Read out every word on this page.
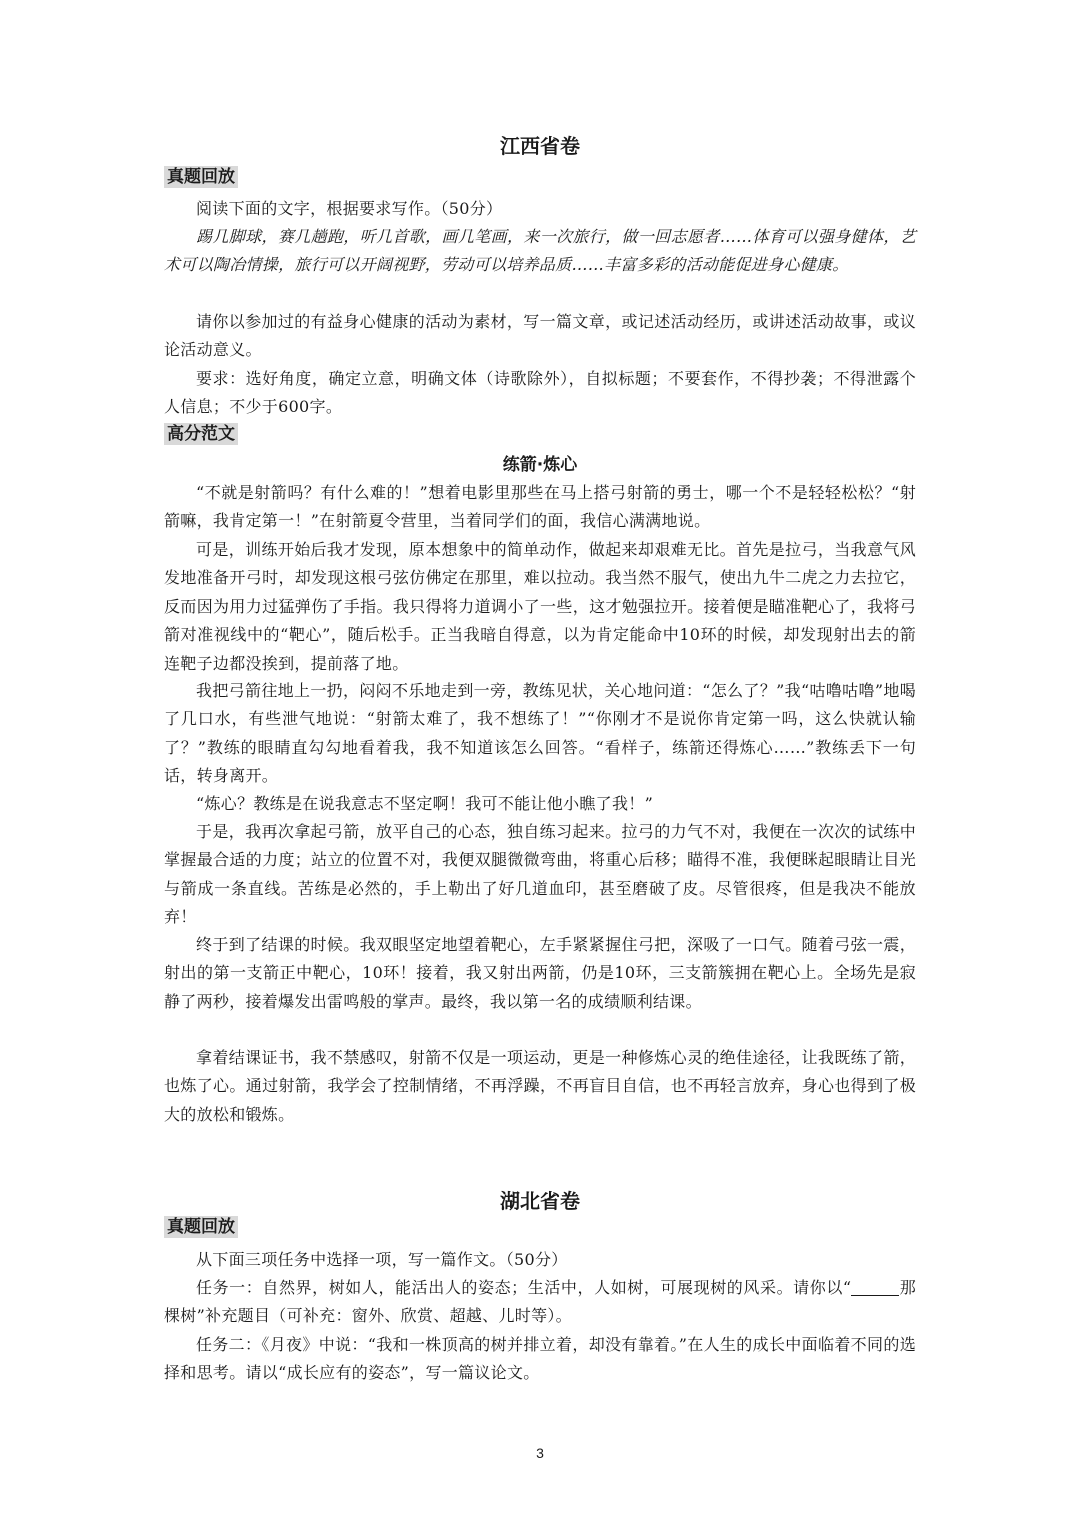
江西省卷

真题回放

阅读下面的文字，根据要求写作。（50分）

踢几脚球，赛几趟跑，听几首歌，画几笔画，来一次旅行，做一回志愿者……体育可以强身健体，艺术可以陶冶情操，旅行可以开阔视野，劳动可以培养品质……丰富多彩的活动能促进身心健康。

请你以参加过的有益身心健康的活动为素材，写一篇文章，或记述活动经历，或讲述活动故事，或议论活动意义。

要求：选好角度，确定立意，明确文体（诗歌除外），自拟标题；不要套作，不得抄袭；不得泄露个人信息；不少于600字。

高分范文

练箭·炼心

“不就是射箭吗？有什么难的！”想着电影里那些在马上搭弓射箭的勇士，哪一个不是轻轻松松？“射箭嘛，我肯定第一！”在射箭夏令营里，当着同学们的面，我信心满满地说。

可是，训练开始后我才发现，原本想象中的简单动作，做起来却艰难无比。首先是拉弓，当我意气风发地准备开弓时，却发现这根弓弦仿佛定在那里，难以拉动。我当然不服气，使出九牛二虎之力去拉它，反而因为用力过猛弹伤了手指。我只得将力道调小了一些，这才勉强拉开。接着便是瞄准靶心了，我将弓箭对准视线中的“靶心”，随后松手。正当我暗自得意，以为肯定能命中10环的时候，却发现射出去的箭连靶子边都没挨到，提前落了地。

我把弓箭往地上一扔，闷闷不乐地走到一旁，教练见状，关心地问道：“怎么了？”我“咕噜咕噜”地喝了几口水，有些泄气地说：“射箭太难了，我不想练了！”“你刚才不是说你肯定第一吗，这么快就认输了？”教练的眼睛直勾勾地看着我，我不知道该怎么回答。“看样子，练箭还得炼心……”教练丢下一句话，转身离开。

“炼心？教练是在说我意志不坚定啊！我可不能让他小瞧了我！”

于是，我再次拿起弓箭，放平自己的心态，独自练习起来。拉弓的力气不对，我便在一次次的试练中掌握最合适的力度；站立的位置不对，我便双腿微微弯曲，将重心后移；瞄得不准，我便眯起眼睛让目光与箭成一条直线。苦练是必然的，手上勒出了好几道血印，甚至磨破了皮。尽管很疼，但是我决不能放弃！

终于到了结课的时候。我双眼坚定地望着靶心，左手紧紧握住弓把，深吸了一口气。随着弓弦一震，射出的第一支箭正中靶心，10环！接着，我又射出两箭，仍是10环，三支箭簇拥在靶心上。全场先是寂静了两秒，接着爆发出雷鸣般的掌声。最终，我以第一名的成绩顺利结课。

拿着结课证书，我不禁感叹，射箭不仅是一项运动，更是一种修炼心灵的绝佳途径，让我既练了箭，也炼了心。通过射箭，我学会了控制情绪，不再浮躁，不再盲目自信，也不再轻言放弃，身心也得到了极大的放松和锻炼。

湖北省卷

真题回放

从下面三项任务中选择一项，写一篇作文。（50分）

任务一：自然界，树如人，能活出人的姿态；生活中，人如树，可展现树的风采。请你以“	那棵树”补充题目（可补充：窗外、欣赏、超越、儿时等）。

任务二：《月夜》中说：“我和一株顶高的树并排立着，却没有靠着。”在人生的成长中面临着不同的选择和思考。请以“成长应有的姿态”，写一篇议论文。

3
